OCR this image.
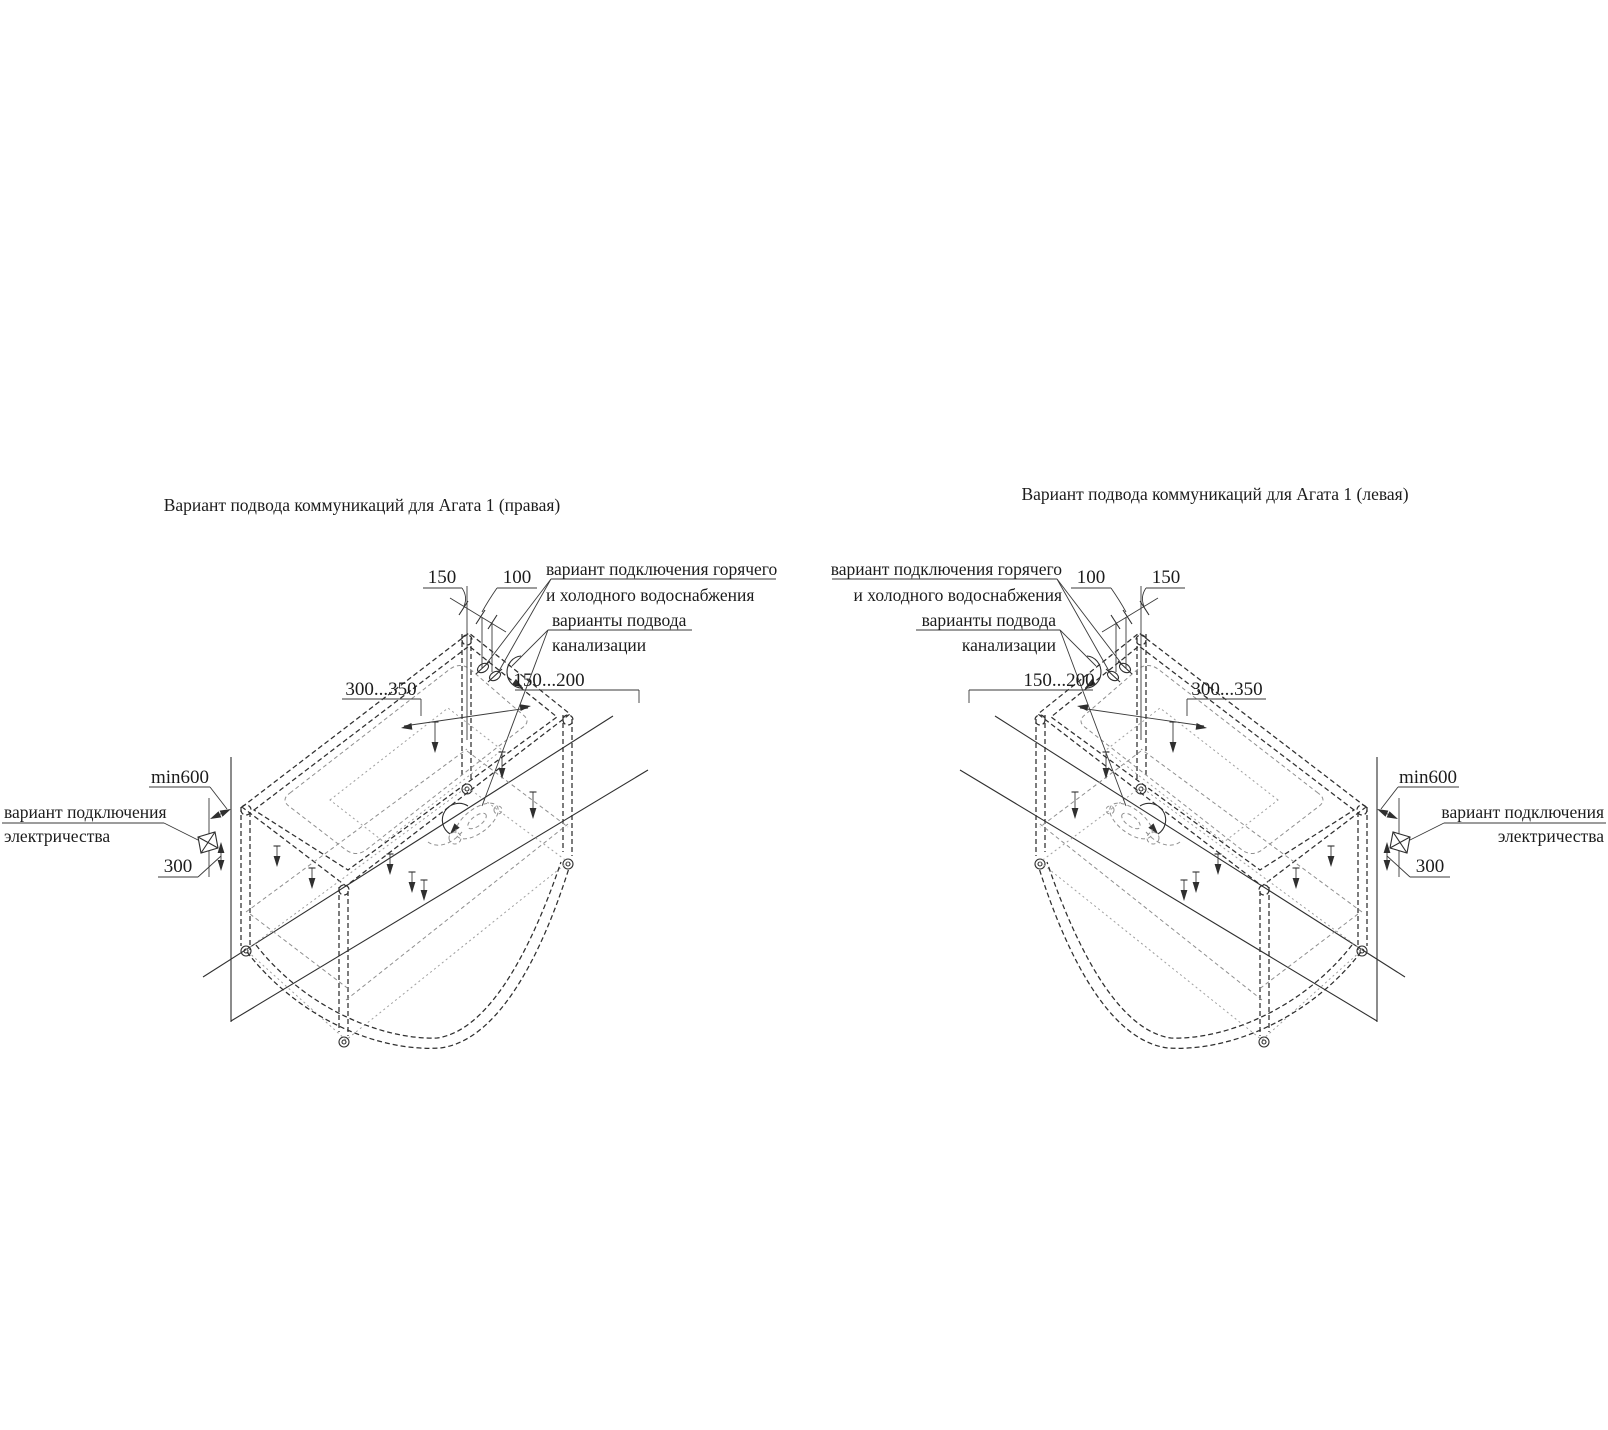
Вариант подвода коммуникаций для Агата 1 (правая)
150 100 вариант подключения горячего
и холодного водоснабжения
варианты подвода
канализации
300...350	150...200
min600
вариант подключения
электричества
300
Вариант подвода коммуникаций для Агата 1 (левая)
150
100
вариант подключения горячего
и холодного водоснабжения
варианты подвода
канализации
300...350
150...200
min600
вариант подключения
электричества
300
